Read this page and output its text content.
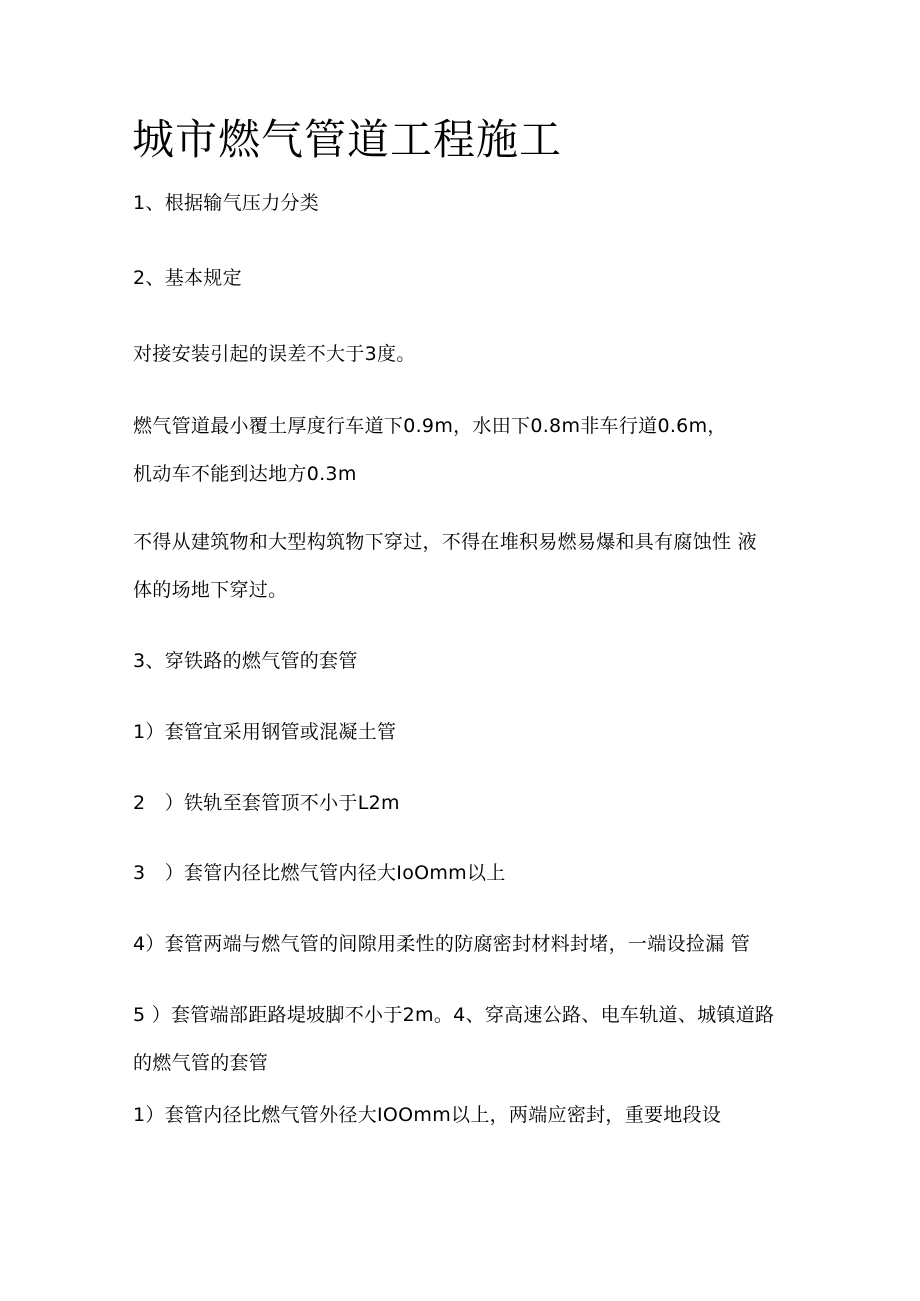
城市燃气管道工程施工
1、根据输气压力分类
2、基本规定
对接安装引起的误差不大于3度。
燃气管道最小覆土厚度行车道下0.9m，水田下0.8m非车行道0.6m，
机动车不能到达地方0.3m
不得从建筑物和大型构筑物下穿过，不得在堆积易燃易爆和具有腐蚀性 液
体的场地下穿过。
3、穿铁路的燃气管的套管
1）套管宜采用钢管或混凝土管
2　）铁轨至套管顶不小于L2m
3　）套管内径比燃气管内径大IoOmm以上
4）套管两端与燃气管的间隙用柔性的防腐密封材料封堵，一端设捡漏 管
5 ）套管端部距路堤坡脚不小于2m。4、穿高速公路、电车轨道、城镇道路
的燃气管的套管
1）套管内径比燃气管外径大IOOmm以上，两端应密封，重要地段设
